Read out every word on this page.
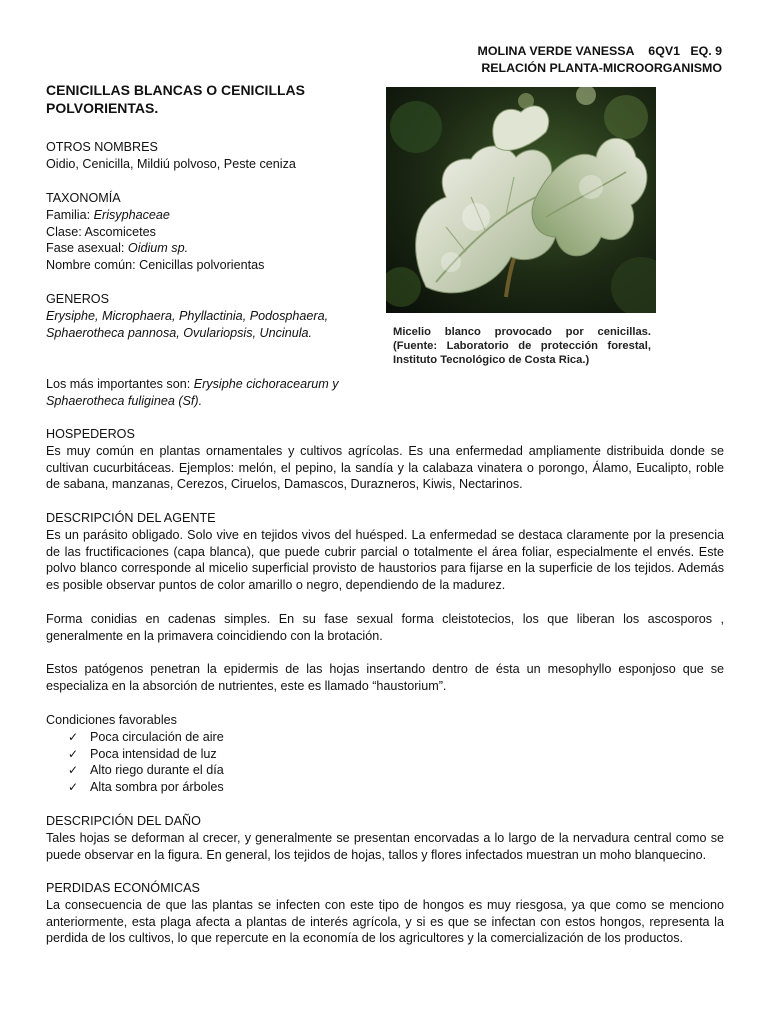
MOLINA VERDE VANESSA 6QV1 EQ. 9
RELACIÓN PLANTA-MICROORGANISMO
CENICILLAS BLANCAS O CENICILLAS POLVORIENTAS.
OTROS NOMBRES
Oidio, Cenicilla, Mildiú polvoso, Peste ceniza
TAXONOMÍA
Familia: Erisyphaceae
Clase: Ascomicetes
Fase asexual: Oidium sp.
Nombre común: Cenicillas polvorientas
GENEROS
Erysiphe, Microphaera, Phyllactinia, Podosphaera, Sphaerotheca pannosa, Ovulariopsis, Uncinula.
Los más importantes son: Erysiphe cichoracearum y Sphaerotheca fuliginea (Sf).
Micelio blanco provocado por cenicillas. (Fuente: Laboratorio de protección forestal, Instituto Tecnológico de Costa Rica.)
HOSPEDEROS
Es muy común en plantas ornamentales y cultivos agrícolas. Es una enfermedad ampliamente distribuida donde se cultivan cucurbitáceas. Ejemplos: melón, el pepino, la sandía y la calabaza vinatera o porongo, Álamo, Eucalipto, roble de sabana, manzanas, Cerezos, Ciruelos, Damascos, Durazneros, Kiwis, Nectarinos.
DESCRIPCIÓN DEL AGENTE
Es un parásito obligado. Solo vive en tejidos vivos del huésped. La enfermedad se destaca claramente por la presencia de las fructificaciones (capa blanca), que puede cubrir parcial o totalmente el área foliar, especialmente el envés. Este polvo blanco corresponde al micelio superficial provisto de haustorios para fijarse en la superficie de los tejidos. Además es posible observar puntos de color amarillo o negro, dependiendo de la madurez.
Forma conidias en cadenas simples. En su fase sexual forma cleistotecios, los que liberan los ascosporos , generalmente en la primavera coincidiendo con la brotación.
Estos patógenos penetran la epidermis de las hojas insertando dentro de ésta un mesophyllo esponjoso que se especializa en la absorción de nutrientes, este es llamado “haustorium”.
Condiciones favorables
✓ Poca circulación de aire
✓ Poca intensidad de luz
✓ Alto riego durante el día
✓ Alta sombra por árboles
DESCRIPCIÓN DEL DAÑO
Tales hojas se deforman al crecer, y generalmente se presentan encorvadas a lo largo de la nervadura central como se puede observar en la figura. En general, los tejidos de hojas, tallos y flores infectados muestran un moho blanquecino.
PERDIDAS ECONÓMICAS
La consecuencia de que las plantas se infecten con este tipo de hongos es muy riesgosa, ya que como se menciono anteriormente, esta plaga afecta a plantas de interés agrícola, y si es que se infectan con estos hongos, representa la perdida de los cultivos, lo que repercute en la economía de los agricultores y la comercialización de los productos.
